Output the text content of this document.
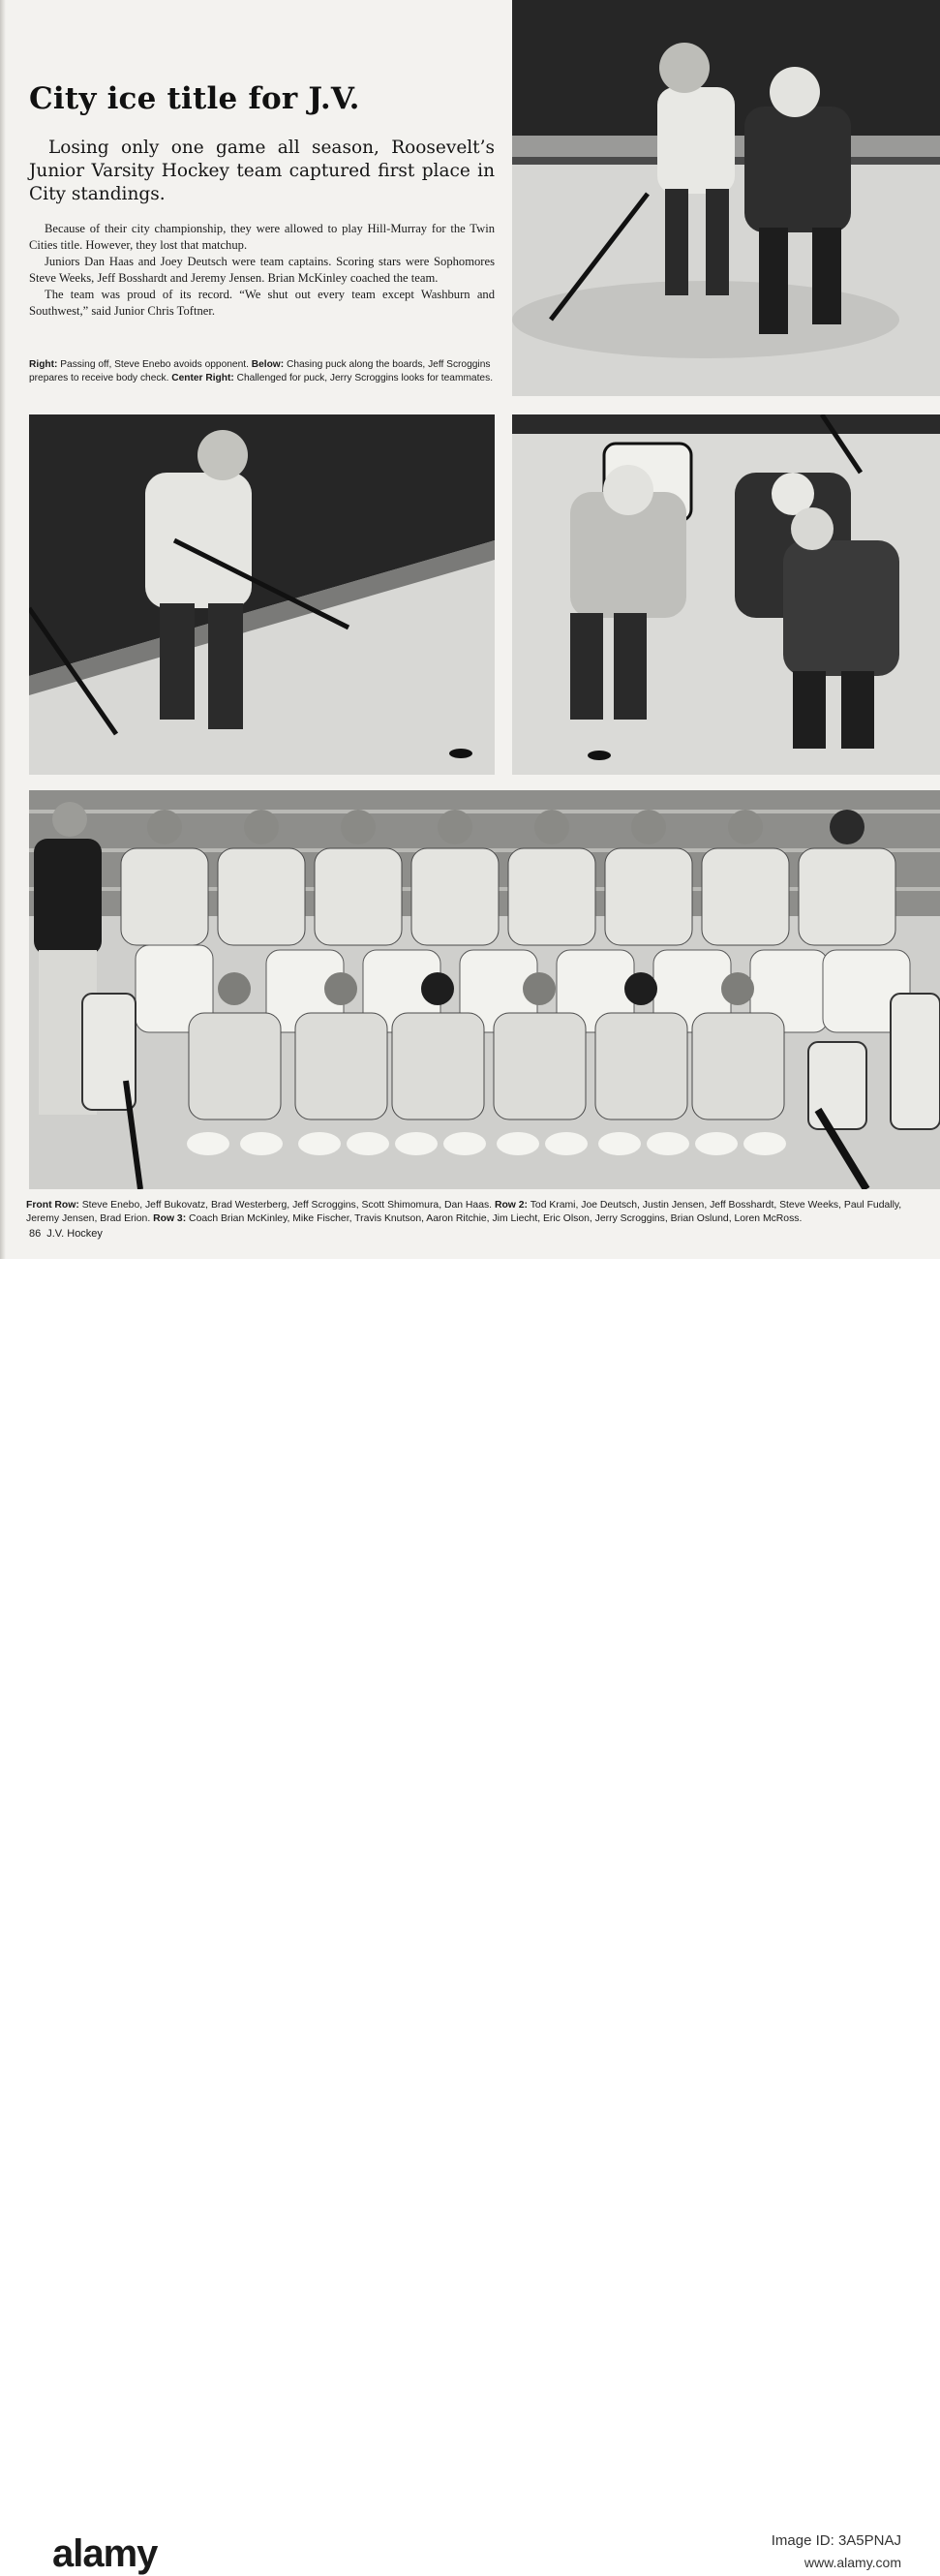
City ice title for J.V.

Losing only one game all season, Roosevelt’s Junior Varsity Hockey team captured first place in City standings.

Because of their city championship, they were allowed to play Hill-Murray for the Twin Cities title. However, they lost that matchup.

Juniors Dan Haas and Joey Deutsch were team captains. Scoring stars were Sophomores Steve Weeks, Jeff Bosshardt and Jeremy Jensen. Brian McKinley coached the team.

The team was proud of its record. “We shut out every team except Washburn and Southwest,” said Junior Chris Toftner.

Right: Passing off, Steve Enebo avoids opponent. Below: Chasing puck along the boards, Jeff Scroggins prepares to receive body check. Center Right: Challenged for puck, Jerry Scroggins looks for teammates.
Front Row: Steve Enebo, Jeff Bukovatz, Brad Westerberg, Jeff Scroggins, Scott Shimomura, Dan Haas. Row 2: Tod Krami, Joe Deutsch, Justin Jensen, Jeff Bosshardt, Steve Weeks, Paul Fudally, Jeremy Jensen, Brad Erion. Row 3: Coach Brian McKinley, Mike Fischer, Travis Knutson, Aaron Ritchie, Jim Liecht, Eric Olson, Jerry Scroggins, Brian Oslund, Loren McRoss.
86 J.V. Hockey
alamy	Image ID: 3A5PNAJ
www.alamy.com
